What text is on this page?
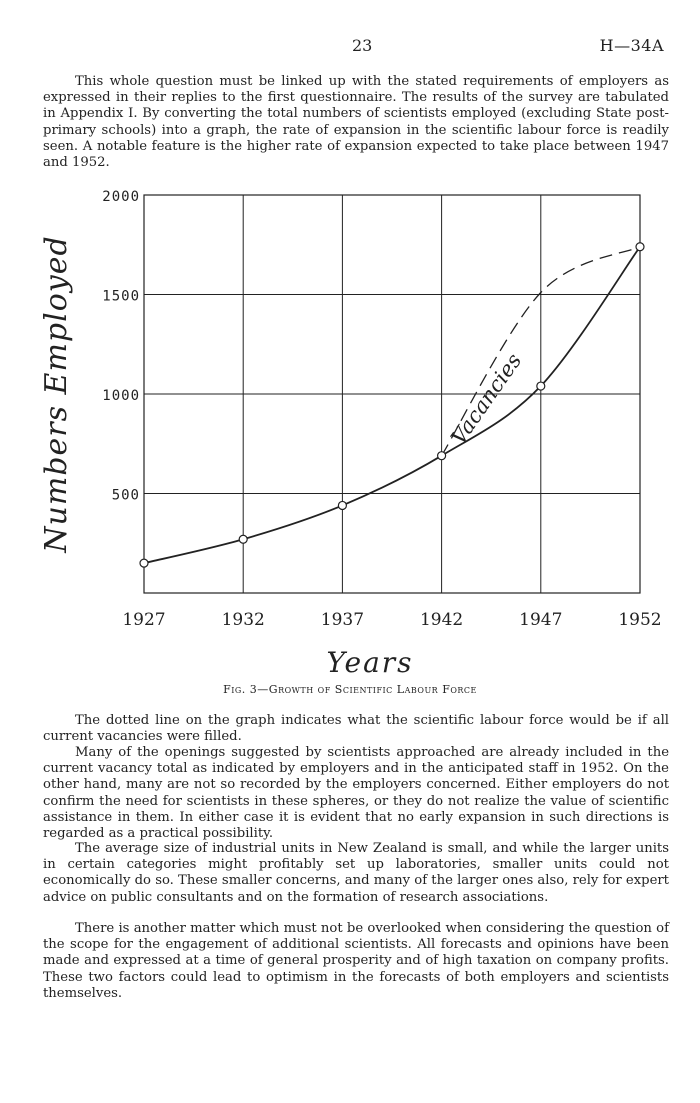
23	H—34A

This whole question must be linked up with the stated requirements of employers as expressed in their replies to the first questionnaire. The results of the survey are tabulated in Appendix I. By converting the total numbers of scientists employed (excluding State post-primary schools) into a graph, the rate of expansion in the scientific labour force is readily seen. A notable feature is the higher rate of expansion expected to take place between 1947 and 1952.

1927	1932	1937	1942	1947	1952
500
1000
1500
2000
Vacancies
Numbers Employed
Years
Fig. 3—Growth of Scientific Labour Force

The dotted line on the graph indicates what the scientific labour force would be if all current vacancies were filled.

Many of the openings suggested by scientists approached are already included in the current vacancy total as indicated by employers and in the anticipated staff in 1952. On the other hand, many are not so recorded by the employers concerned. Either employers do not confirm the need for scientists in these spheres, or they do not realize the value of scientific assistance in them. In either case it is evident that no early expansion in such directions is regarded as a practical possibility.

The average size of industrial units in New Zealand is small, and while the larger units in certain categories might profitably set up laboratories, smaller units could not economically do so. These smaller concerns, and many of the larger ones also, rely for expert advice on public consultants and on the formation of research associations.

There is another matter which must not be overlooked when considering the question of the scope for the engagement of additional scientists. All forecasts and opinions have been made and expressed at a time of general prosperity and of high taxation on company profits. These two factors could lead to optimism in the forecasts of both employers and scientists themselves.
